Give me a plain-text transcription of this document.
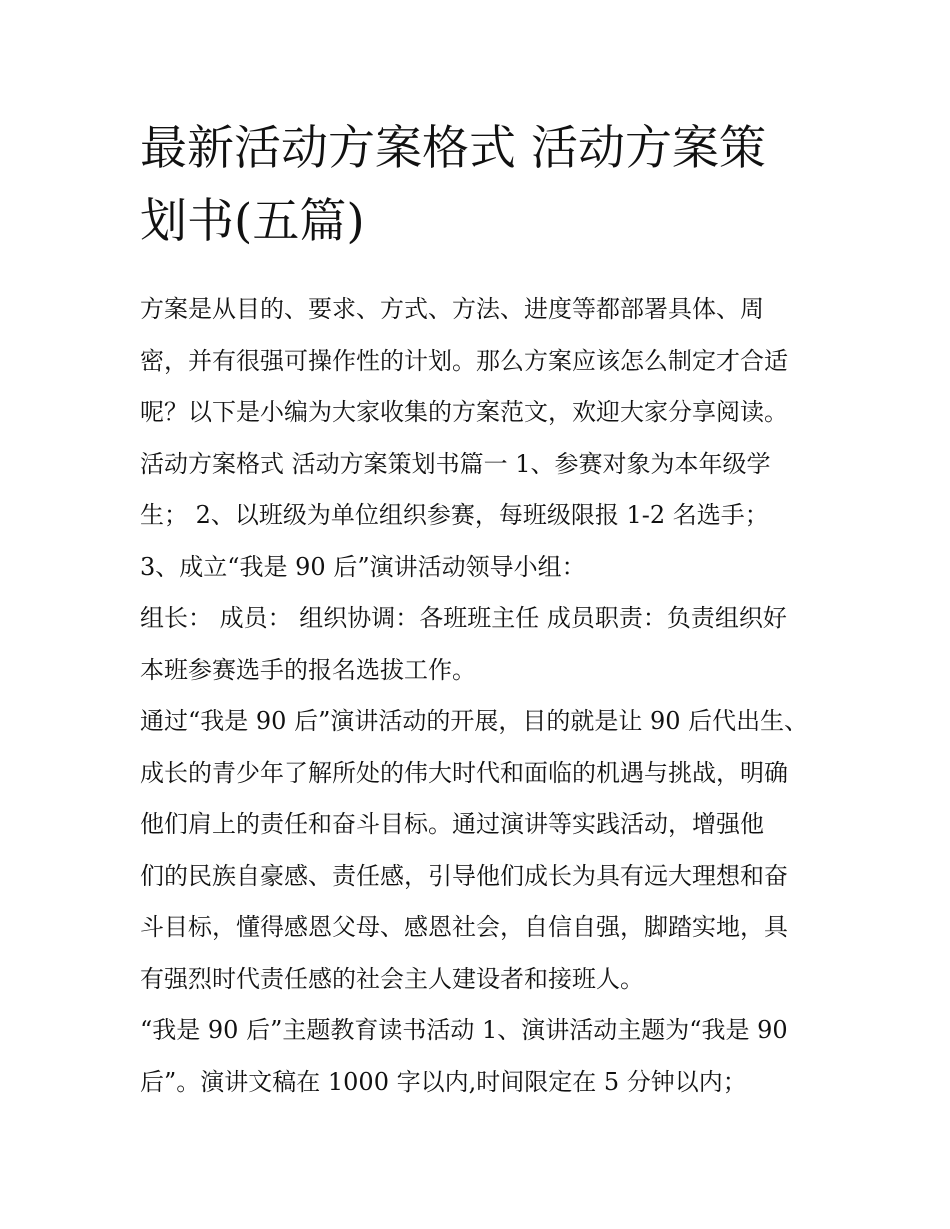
最新活动方案格式 活动方案策
划书(五篇)

方案是从目的、要求、方式、方法、进度等都部署具体、周
密，并有很强可操作性的计划。那么方案应该怎么制定才合适
呢？以下是小编为大家收集的方案范文，欢迎大家分享阅读。

活动方案格式 活动方案策划书篇一 1、参赛对象为本年级学
生； 2、以班级为单位组织参赛，每班级限报 1-2 名选手；

3、成立“我是 90 后”演讲活动领导小组：

组长： 成员： 组织协调：各班班主任 成员职责：负责组织好
本班参赛选手的报名选拔工作。

通过“我是 90 后”演讲活动的开展，目的就是让 90 后代出生、
成长的青少年了解所处的伟大时代和面临的机遇与挑战，明确
他们肩上的责任和奋斗目标。通过演讲等实践活动，增强他
们的民族自豪感、责任感，引导他们成长为具有远大理想和奋
斗目标，懂得感恩父母、感恩社会，自信自强，脚踏实地，具
有强烈时代责任感的社会主人建设者和接班人。

“我是 90 后”主题教育读书活动 1、演讲活动主题为“我是 90
后”。演讲文稿在 1000 字以内,时间限定在 5 分钟以内；
